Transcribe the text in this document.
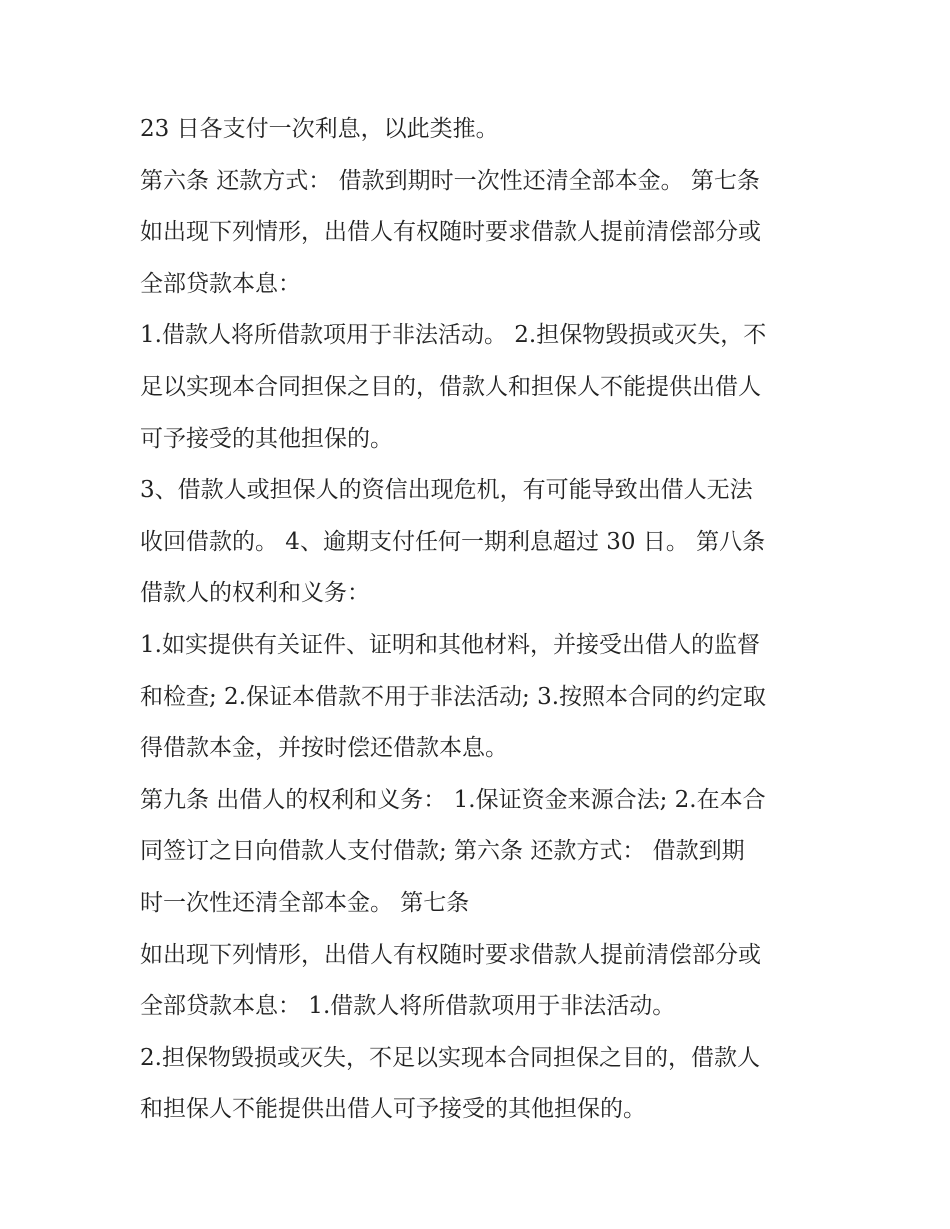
23 日各支付一次利息，以此类推。
第六条 还款方式： 借款到期时一次性还清全部本金。 第七条
如出现下列情形，出借人有权随时要求借款人提前清偿部分或
全部贷款本息：
1.借款人将所借款项用于非法活动。 2.担保物毁损或灭失，不
足以实现本合同担保之目的，借款人和担保人不能提供出借人
可予接受的其他担保的。
3、借款人或担保人的资信出现危机，有可能导致出借人无法
收回借款的。 4、逾期支付任何一期利息超过 30 日。 第八条
借款人的权利和义务：
1.如实提供有关证件、证明和其他材料，并接受出借人的监督
和检查; 2.保证本借款不用于非法活动; 3.按照本合同的约定取
得借款本金，并按时偿还借款本息。
第九条 出借人的权利和义务： 1.保证资金来源合法; 2.在本合
同签订之日向借款人支付借款; 第六条 还款方式： 借款到期
时一次性还清全部本金。 第七条
如出现下列情形，出借人有权随时要求借款人提前清偿部分或
全部贷款本息： 1.借款人将所借款项用于非法活动。
2.担保物毁损或灭失，不足以实现本合同担保之目的，借款人
和担保人不能提供出借人可予接受的其他担保的。
